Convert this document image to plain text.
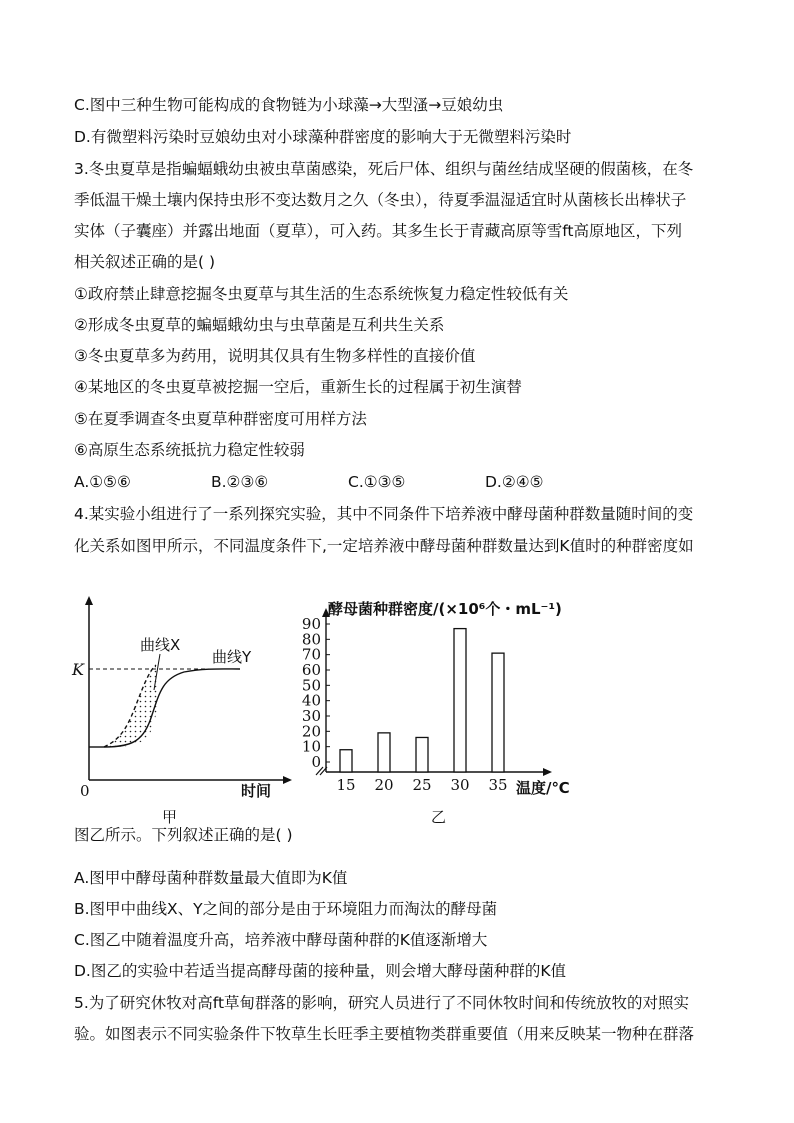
C.图中三种生物可能构成的食物链为小球藻→大型溞→豆娘幼虫
D.有微塑料污染时豆娘幼虫对小球藻种群密度的影响大于无微塑料污染时
3.冬虫夏草是指蝙蝠蛾幼虫被虫草菌感染，死后尸体、组织与菌丝结成坚硬的假菌核，在冬
季低温干燥土壤内保持虫形不变达数月之久（冬虫），待夏季温湿适宜时从菌核长出棒状子
实体（子囊座）并露出地面（夏草），可入药。其多生长于青藏高原等雪ft高原地区，下列
相关叙述正确的是( )
①政府禁止肆意挖掘冬虫夏草与其生活的生态系统恢复力稳定性较低有关
②形成冬虫夏草的蝙蝠蛾幼虫与虫草菌是互利共生关系
③冬虫夏草多为药用，说明其仅具有生物多样性的直接价值
④某地区的冬虫夏草被挖掘一空后，重新生长的过程属于初生演替
⑤在夏季调查冬虫夏草种群密度可用样方法
⑥高原生态系统抵抗力稳定性较弱
A.①⑤⑥	B.②③⑥	C.①③⑤	D.②④⑤
4.某实验小组进行了一系列探究实验，其中不同条件下培养液中酵母菌种群数量随时间的变
化关系如图甲所示，不同温度条件下,一定培养液中酵母菌种群数量达到K值时的种群密度如
K
0
曲线X
曲线Y
时间
甲
酵母菌种群密度/(×10⁶个・mL⁻¹)
0
10
20
30
40
50
60
70
80
90
15 20 25 30 35 温度/℃
乙
图乙所示。下列叙述正确的是( )
A.图甲中酵母菌种群数量最大值即为K值
B.图甲中曲线X、Y之间的部分是由于环境阻力而淘汰的酵母菌
C.图乙中随着温度升高，培养液中酵母菌种群的K值逐渐增大
D.图乙的实验中若适当提高酵母菌的接种量，则会增大酵母菌种群的K值
5.为了研究休牧对高ft草甸群落的影响，研究人员进行了不同休牧时间和传统放牧的对照实
验。如图表示不同实验条件下牧草生长旺季主要植物类群重要值（用来反映某一物种在群落
